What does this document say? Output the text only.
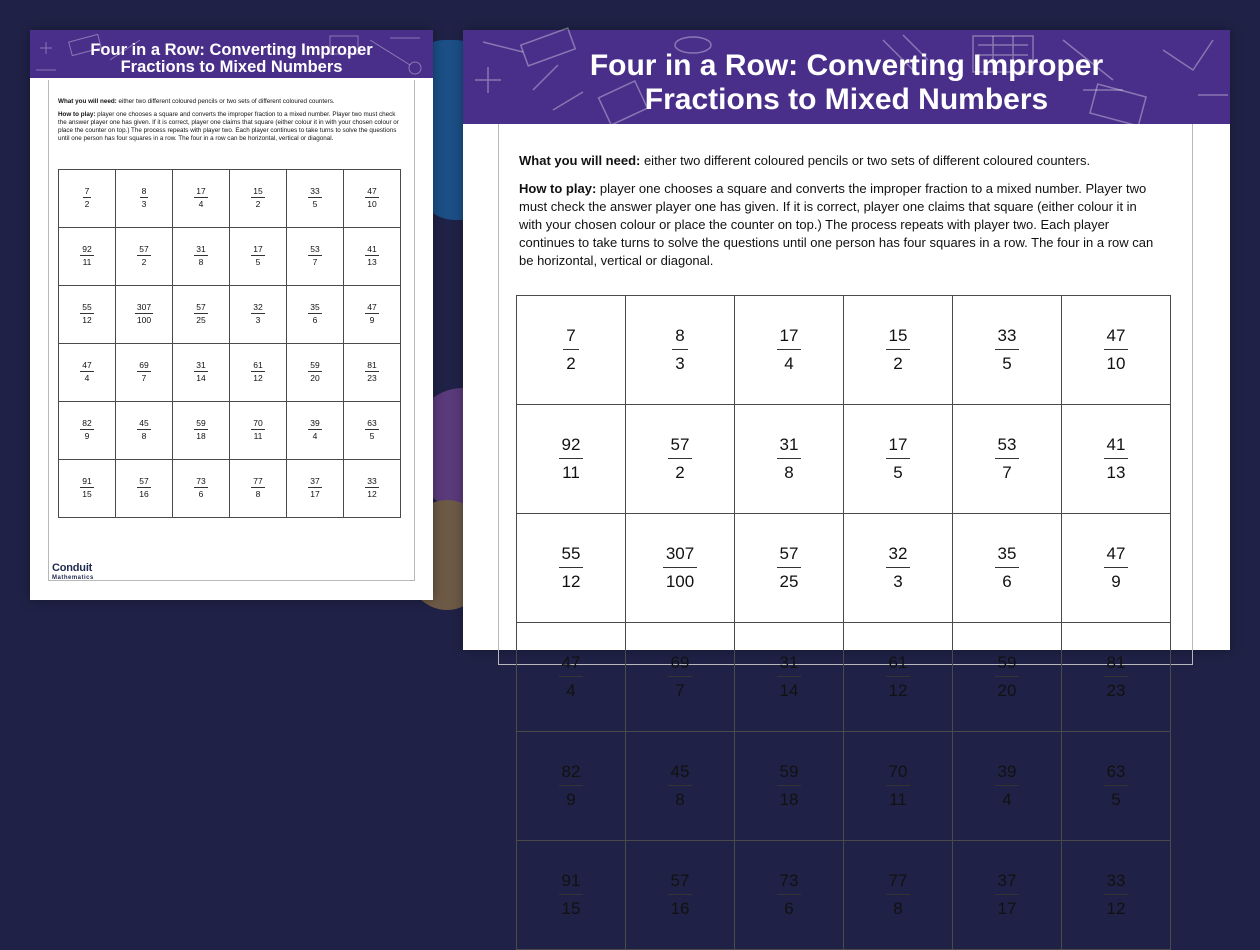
Four in a Row: Converting Improper
Fractions to Mixed Numbers

What you will need: either two different coloured pencils or two sets of different coloured counters.

How to play: player one chooses a square and converts the improper fraction to a mixed number. Player two must check the answer player one has given. If it is correct, player one claims that square (either colour it in with your chosen colour or place the counter on top.) The process repeats with player two. Each player continues to take turns to solve the questions until one person has four squares in a row. The four in a row can be horizontal, vertical or diagonal.

$\frac{7}{2}$	$\frac{8}{3}$	$\frac{17}{4}$	$\frac{15}{2}$	$\frac{33}{5}$	$\frac{47}{10}$

$\frac{92}{11}$	$\frac{57}{2}$	$\frac{31}{8}$	$\frac{17}{5}$	$\frac{53}{7}$	$\frac{41}{13}$

$\frac{55}{12}$	$\frac{307}{100}$	$\frac{57}{25}$	$\frac{32}{3}$	$\frac{35}{6}$	$\frac{47}{9}$

$\frac{47}{4}$	$\frac{69}{7}$	$\frac{31}{14}$	$\frac{61}{12}$	$\frac{59}{20}$	$\frac{81}{23}$

$\frac{82}{9}$	$\frac{45}{8}$	$\frac{59}{18}$	$\frac{70}{11}$	$\frac{39}{4}$	$\frac{63}{5}$

$\frac{91}{15}$	$\frac{57}{16}$	$\frac{73}{6}$	$\frac{77}{8}$	$\frac{37}{17}$	$\frac{33}{12}$
Conduit
Mathematics
Four in a Row: Converting Improper
Fractions to Mixed Numbers

What you will need: either two different coloured pencils or two sets of different coloured counters.

How to play: player one chooses a square and converts the improper fraction to a mixed number. Player two must check the answer player one has given. If it is correct, player one claims that square (either colour it in with your chosen colour or place the counter on top.) The process repeats with player two. Each player continues to take turns to solve the questions until one person has four squares in a row. The four in a row can be horizontal, vertical or diagonal.

$\frac{7}{2}$	$\frac{8}{3}$	$\frac{17}{4}$	$\frac{15}{2}$	$\frac{33}{5}$	$\frac{47}{10}$

$\frac{92}{11}$	$\frac{57}{2}$	$\frac{31}{8}$	$\frac{17}{5}$	$\frac{53}{7}$	$\frac{41}{13}$

$\frac{55}{12}$	$\frac{307}{100}$	$\frac{57}{25}$	$\frac{32}{3}$	$\frac{35}{6}$	$\frac{47}{9}$

$\frac{47}{4}$	$\frac{69}{7}$	$\frac{31}{14}$	$\frac{61}{12}$	$\frac{59}{20}$	$\frac{81}{23}$

$\frac{82}{9}$	$\frac{45}{8}$	$\frac{59}{18}$	$\frac{70}{11}$	$\frac{39}{4}$	$\frac{63}{5}$

$\frac{91}{15}$	$\frac{57}{16}$	$\frac{73}{6}$	$\frac{77}{8}$	$\frac{37}{17}$	$\frac{33}{12}$
